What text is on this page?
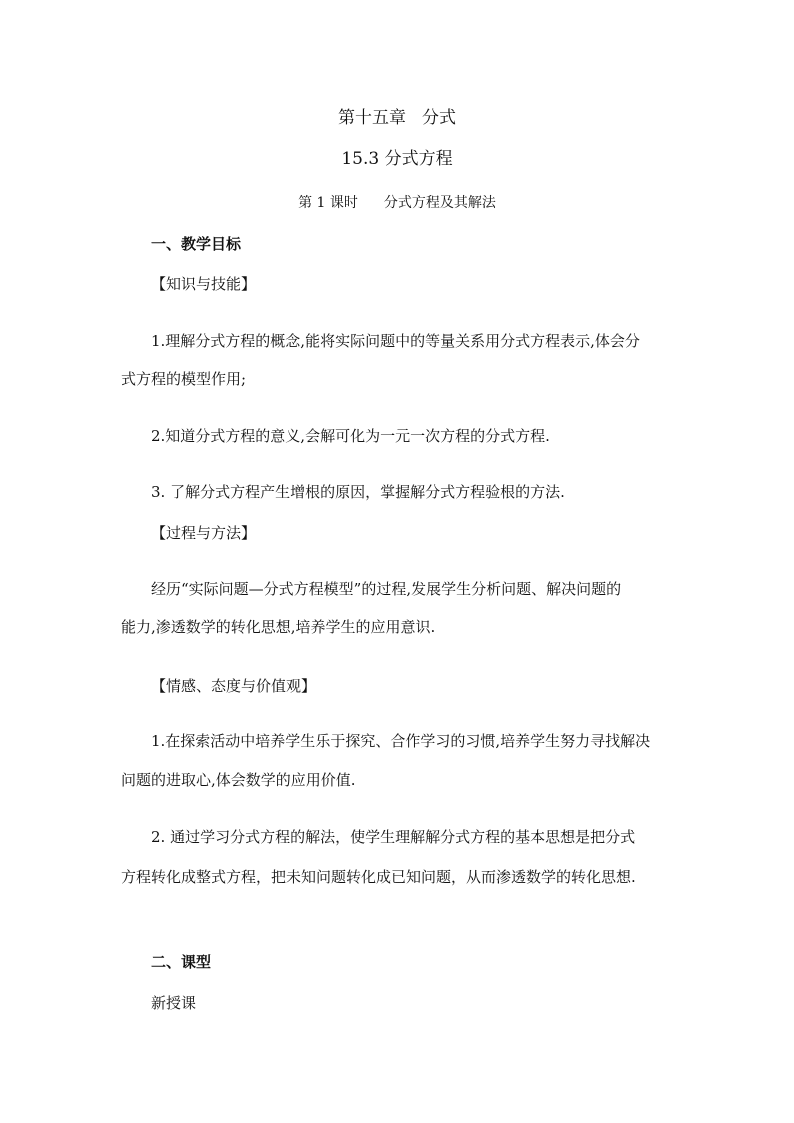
第十五章 分式
15.3 分式方程
第 1 课时 分式方程及其解法
一、教学目标
【知识与技能】
1.理解分式方程的概念,能将实际问题中的等量关系用分式方程表示,体会分
式方程的模型作用;
2.知道分式方程的意义,会解可化为一元一次方程的分式方程.
3. 了解分式方程产生增根的原因，掌握解分式方程验根的方法.
【过程与方法】
经历“实际问题—分式方程模型”的过程,发展学生分析问题、解决问题的
能力,渗透数学的转化思想,培养学生的应用意识.
【情感、态度与价值观】
1.在探索活动中培养学生乐于探究、合作学习的习惯,培养学生努力寻找解决
问题的进取心,体会数学的应用价值.
2. 通过学习分式方程的解法，使学生理解解分式方程的基本思想是把分式
方程转化成整式方程，把未知问题转化成已知问题，从而渗透数学的转化思想.
二、课型
新授课
